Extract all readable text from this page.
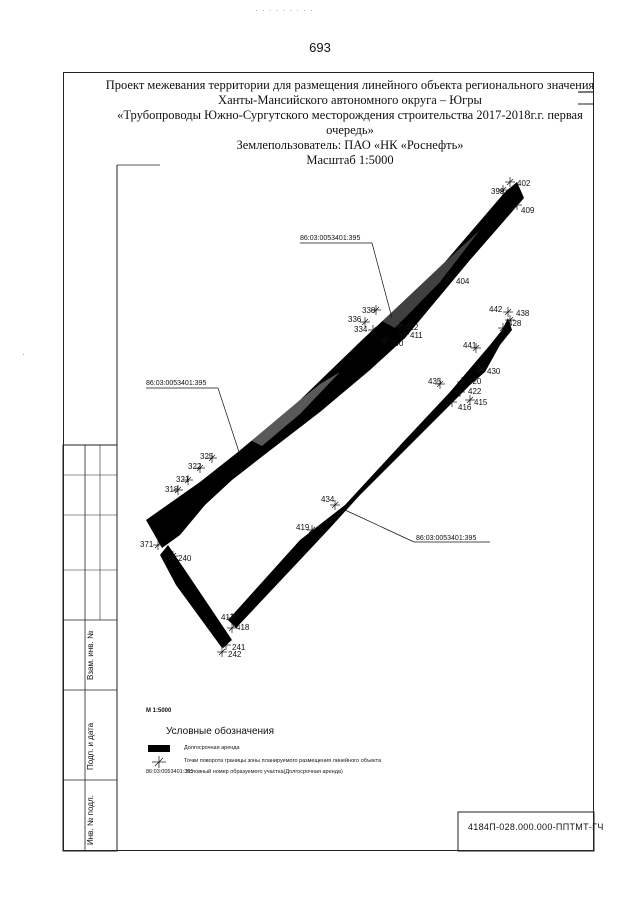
· · · · · · · · ·
693
Проект межевания территории для размещения линейного объекта регионального значения
Ханты-Мансийского автономного округа – Югры
«Трубопроводы Южно-Сургутского месторождения строительства 2017-2018г.г. первая
очередь»
Землепользователь: ПАО «НК «Роснефть»
Масштаб 1:5000
86:03:0053401:395
86:03:0053401:395
86:03:0053401:395
402
399
409
404
338
336
334	412
411
390
325
322
321
318
371
240
442 438
428
441
430
435	420
422
416
415
434
419
417
418
241
242
М 1:5000
Условные обозначения
Долгосрочная аренда
Точки поворота границы зоны планируемого размещения линейного объекта
86:03:0053401:395
Условный номер образуемого участка(Долгосрочная аренда)
4184П-028.000.000-ППТМТ-ГЧ
Инв. № подл.
Подп. и дата
Взам. инв. №
·
